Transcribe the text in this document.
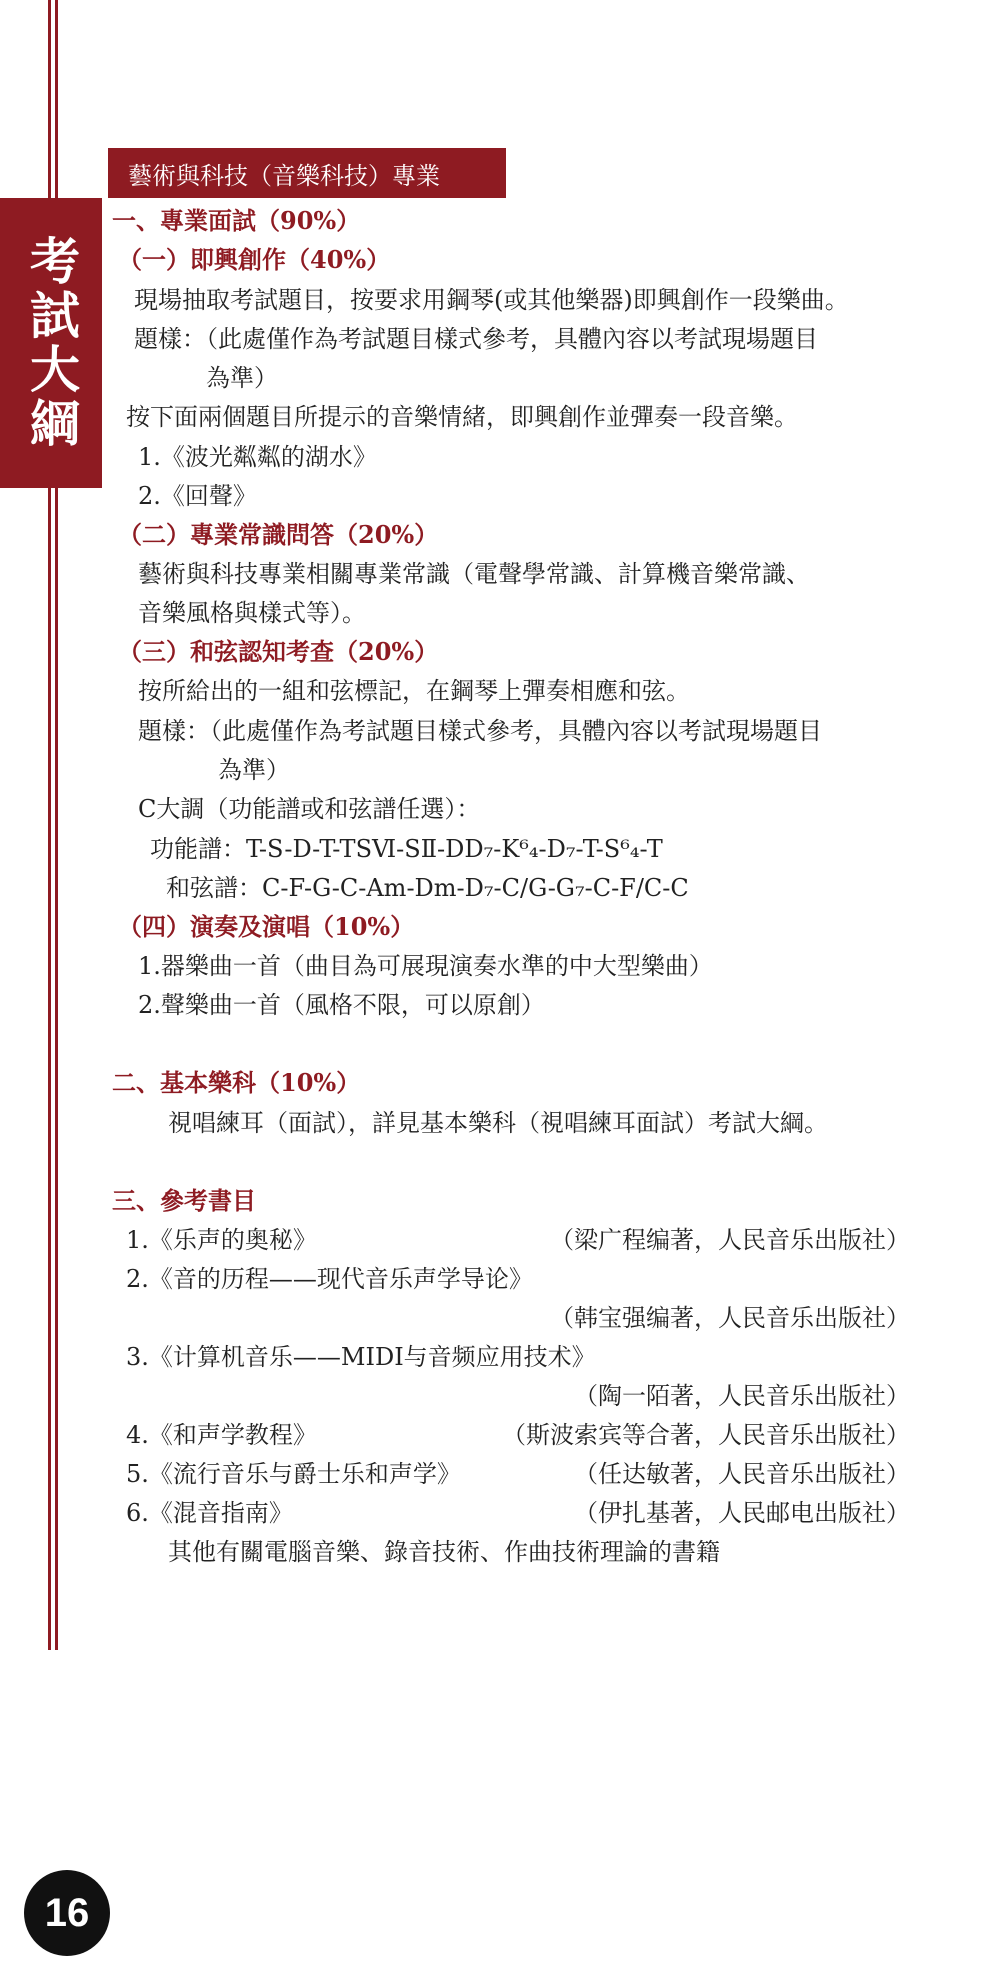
考試大綱
藝術與科技（音樂科技）專業
一、專業面試（90%）
（一）即興創作（40%）
現場抽取考試題目，按要求用鋼琴(或其他樂器)即興創作一段樂曲。
題樣：（此處僅作為考試題目樣式參考，具體內容以考試現場題目
為準）
按下面兩個題目所提示的音樂情緒，即興創作並彈奏一段音樂。
1.《波光粼粼的湖水》
2.《回聲》
（二）專業常識問答（20%）
藝術與科技專業相關專業常識（電聲學常識、計算機音樂常識、
音樂風格與樣式等）。
（三）和弦認知考查（20%）
按所給出的一組和弦標記，在鋼琴上彈奏相應和弦。
題樣：（此處僅作為考試題目樣式參考，具體內容以考試現場題目
為準）
C大調（功能譜或和弦譜任選）：
功能譜：T-S-D-T-TSⅥ-SⅡ-DD₇-K⁶₄-D₇-T-S⁶₄-T
和弦譜：C-F-G-C-Am-Dm-D₇-C/G-G₇-C-F/C-C
（四）演奏及演唱（10%）
1.器樂曲一首（曲目為可展現演奏水準的中大型樂曲）
2.聲樂曲一首（風格不限，可以原創）
二、基本樂科（10%）
視唱練耳（面試），詳見基本樂科（視唱練耳面試）考試大綱。
三、參考書目
1.《乐声的奥秘》	（梁广程编著，人民音乐出版社）
2.《音的历程——现代音乐声学导论》
（韩宝强编著，人民音乐出版社）
3.《计算机音乐——MIDI与音频应用技术》
（陶一陌著，人民音乐出版社）
4.《和声学教程》	（斯波索宾等合著，人民音乐出版社）
5.《流行音乐与爵士乐和声学》	（任达敏著，人民音乐出版社）
6.《混音指南》	（伊扎基著，人民邮电出版社）
其他有關電腦音樂、錄音技術、作曲技術理論的書籍
16
